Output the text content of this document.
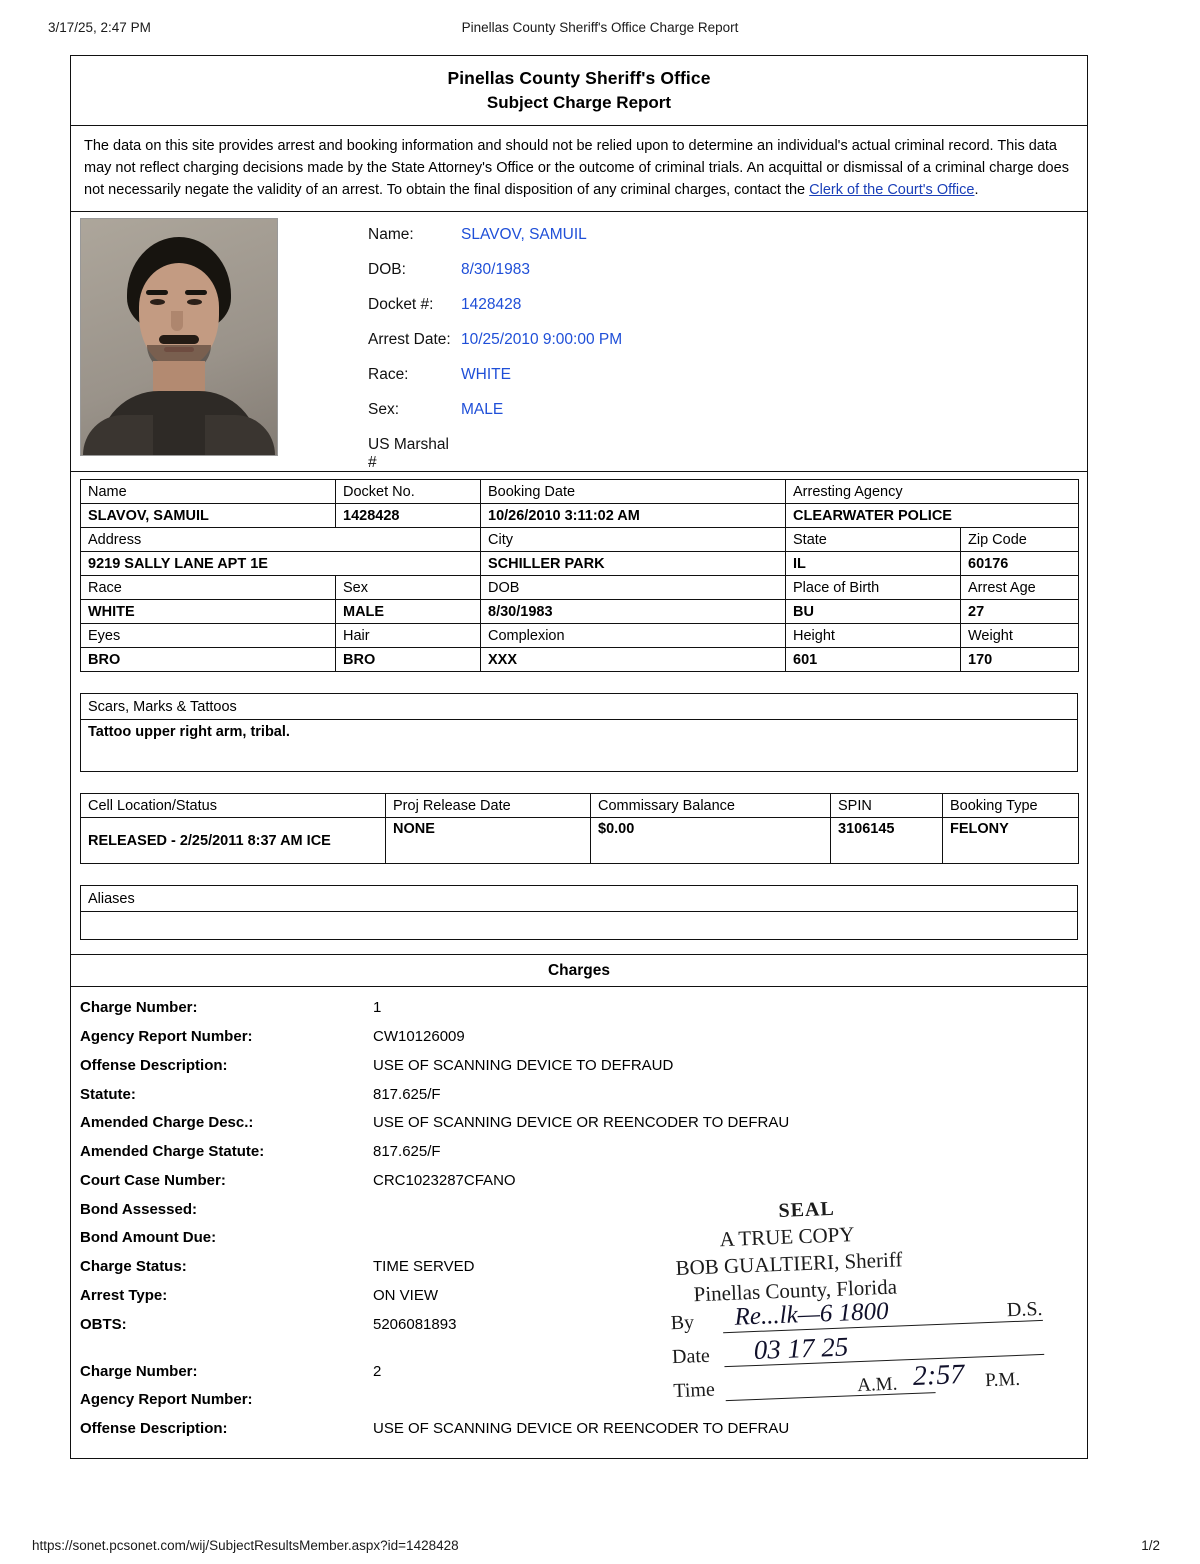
3/17/25, 2:47 PM	Pinellas County Sheriff's Office Charge Report
Pinellas County Sheriff's Office
Subject Charge Report
The data on this site provides arrest and booking information and should not be relied upon to determine an individual's actual criminal record. This data may not reflect charging decisions made by the State Attorney's Office or the outcome of criminal trials. An acquittal or dismissal of a criminal charge does not necessarily negate the validity of an arrest. To obtain the final disposition of any criminal charges, contact the Clerk of the Court's Office.
Name:	SLAVOV, SAMUIL
DOB:	8/30/1983
Docket #:	1428428
Arrest Date: 10/25/2010 9:00:00 PM
Race:	WHITE
Sex:	MALE
US Marshal #
Name	Docket No.	Booking Date	Arresting Agency	
SLAVOV, SAMUIL	1428428	10/26/2010 3:11:02 AM	CLEARWATER POLICE	
Address		City	State	Zip Code
9219 SALLY LANE APT 1E		SCHILLER PARK	IL	60176
Race	Sex	DOB	Place of Birth	Arrest Age
WHITE	MALE	8/30/1983	BU	27
Eyes	Hair	Complexion	Height	Weight
BRO	BRO	XXX	601	170
Scars, Marks & Tattoos
Tattoo upper right arm, tribal.
Cell Location/Status	Proj Release Date	Commissary Balance	SPIN	Booking Type
RELEASED - 2/25/2011 8:37 AM ICE	NONE	$0.00	3106145	FELONY
Aliases

Charges
Charge Number:	1
Agency Report Number:	CW10126009
Offense Description:	USE OF SCANNING DEVICE TO DEFRAUD
Statute:	817.625/F
Amended Charge Desc.:	USE OF SCANNING DEVICE OR REENCODER TO DEFRAU
Amended Charge Statute:	817.625/F
Court Case Number:	CRC1023287CFANO
Bond Assessed:
Bond Amount Due:
Charge Status:	TIME SERVED
Arrest Type:	ON VIEW
OBTS:	5206081893
Charge Number:	2
Agency Report Number:
Offense Description:	USE OF SCANNING DEVICE OR REENCODER TO DEFRAU
SEAL
A TRUE COPY
BOB GUALTIERI, Sheriff
Pinellas County, Florida
By Re...lk—6 1800	D.S.
Date 03 17 25
Time	A.M. 2:57 P.M.
https://sonet.pcsonet.com/wij/SubjectResultsMember.aspx?id=1428428	1/2
